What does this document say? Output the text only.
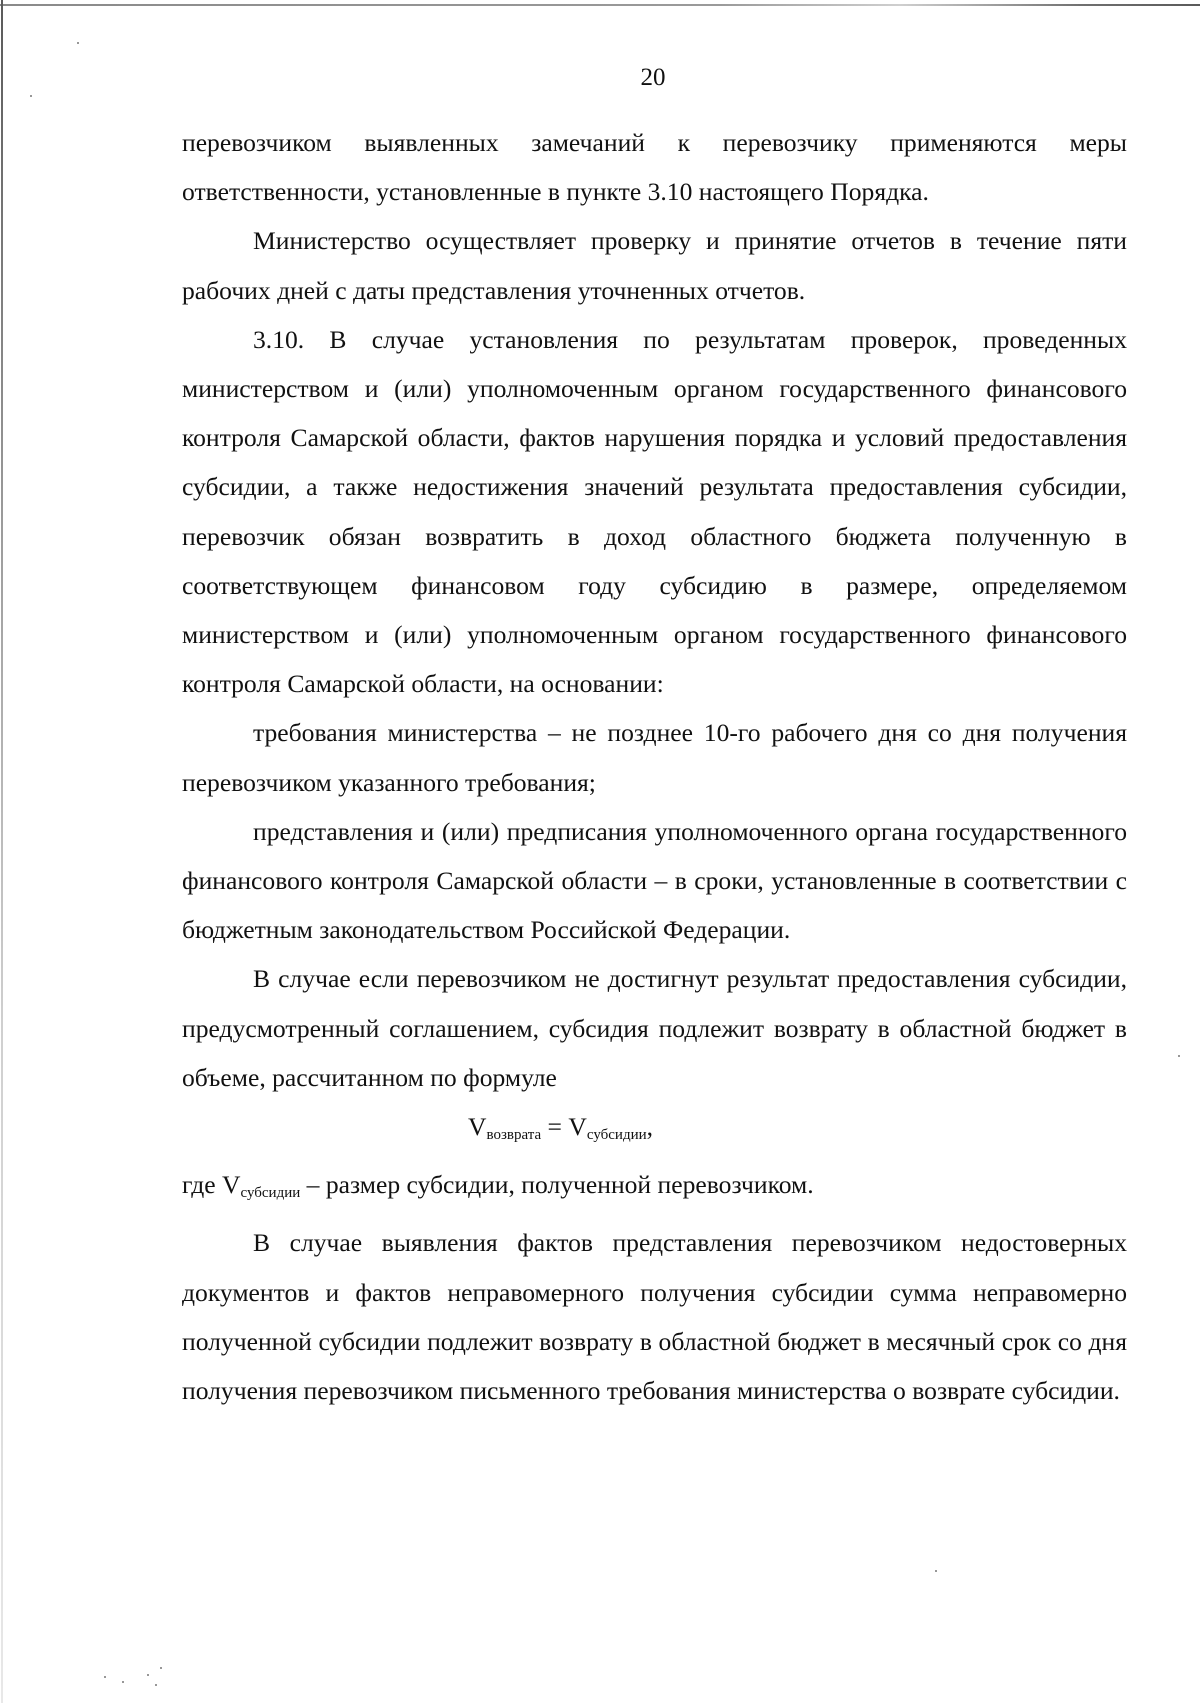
20

перевозчиком выявленных замечаний к перевозчику применяются меры ответственности, установленные в пункте 3.10 настоящего Порядка.

Министерство осуществляет проверку и принятие отчетов в течение пяти рабочих дней с даты представления уточненных отчетов.

3.10. В случае установления по результатам проверок, проведенных министерством и (или) уполномоченным органом государственного финансового контроля Самарской области, фактов нарушения порядка и условий предоставления субсидии, а также недостижения значений результата предоставления субсидии, перевозчик обязан возвратить в доход областного бюджета полученную в соответствующем финансовом году субсидию в размере, определяемом министерством и (или) уполномоченным органом государственного финансового контроля Самарской области, на основании:

требования министерства – не позднее 10-го рабочего дня со дня получения перевозчиком указанного требования;

представления и (или) предписания уполномоченного органа государственного финансового контроля Самарской области – в сроки, установленные в соответствии с бюджетным законодательством Российской Федерации.

В случае если перевозчиком не достигнут результат предоставления субсидии, предусмотренный соглашением, субсидия подлежит возврату в областной бюджет в объеме, рассчитанном по формуле

$V_{возврата} = V_{субсидии}$,

где $V_{субсидии}$ – размер субсидии, полученной перевозчиком.

В случае выявления фактов представления перевозчиком недостоверных документов и фактов неправомерного получения субсидии сумма неправомерно полученной субсидии подлежит возврату в областной бюджет в месячный срок со дня получения перевозчиком письменного требования министерства о возврате субсидии.
